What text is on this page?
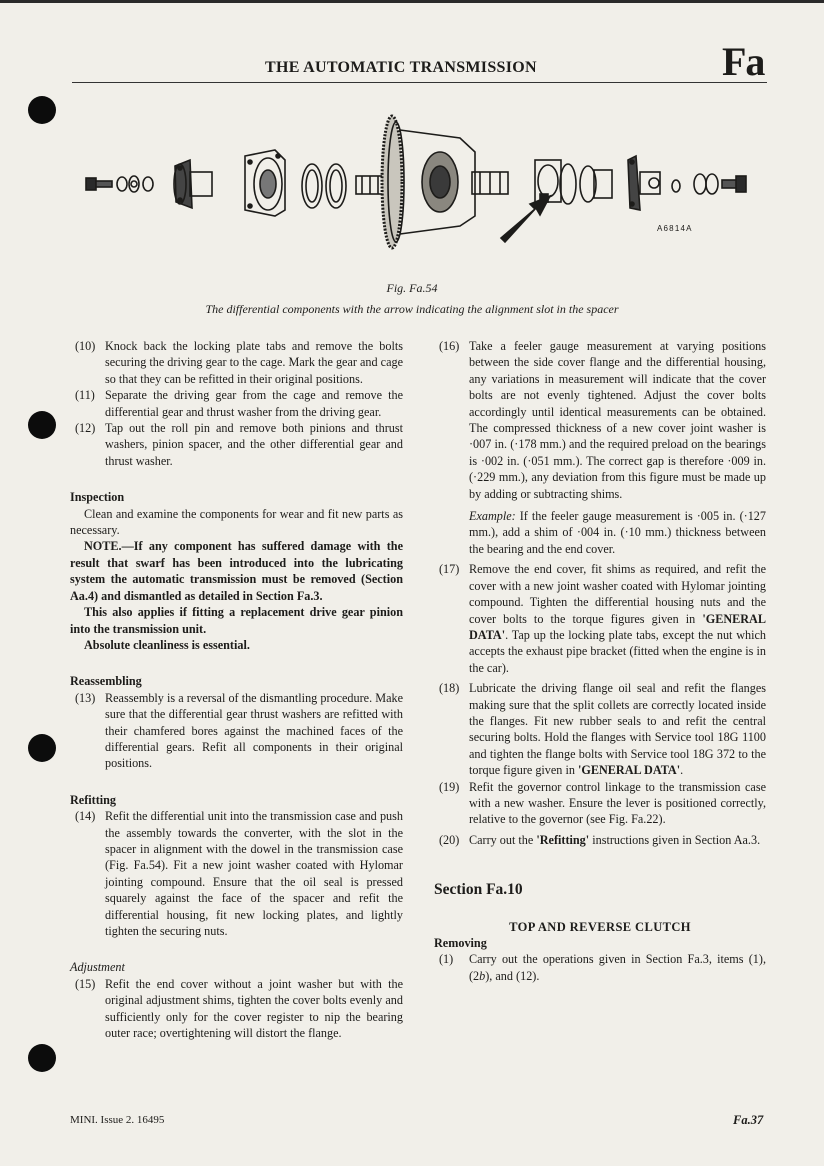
THE AUTOMATIC TRANSMISSION	Fa
A6814A
Fig. Fa.54
The differential components with the arrow indicating the alignment slot in the spacer
(10) Knock back the locking plate tabs and remove the bolts securing the driving gear to the cage. Mark the gear and cage so that they can be refitted in their original positions.
(11) Separate the driving gear from the cage and remove the differential gear and thrust washer from the driving gear.
(12) Tap out the roll pin and remove both pinions and thrust washers, pinion spacer, and the other differential gear and thrust washer.
Inspection
Clean and examine the components for wear and fit new parts as necessary.
NOTE.—If any component has suffered damage with the result that swarf has been introduced into the lubricating system the automatic transmission must be removed (Section Aa.4) and dismantled as detailed in Section Fa.3.
This also applies if fitting a replacement drive gear pinion into the transmission unit.
Absolute cleanliness is essential.
Reassembling
(13) Reassembly is a reversal of the dismantling procedure. Make sure that the differential gear thrust washers are refitted with their chamfered bores against the machined faces of the differential gears. Refit all components in their original positions.
Refitting
(14) Refit the differential unit into the transmission case and push the assembly towards the converter, with the slot in the spacer in alignment with the dowel in the transmission case (Fig. Fa.54). Fit a new joint washer coated with Hylomar jointing compound. Ensure that the oil seal is pressed squarely against the face of the spacer and refit the differential housing, fit new locking plates, and lightly tighten the securing nuts.
Adjustment
(15) Refit the end cover without a joint washer but with the original adjustment shims, tighten the cover bolts evenly and sufficiently only for the cover register to nip the bearing outer race; overtightening will distort the flange.
(16) Take a feeler gauge measurement at varying positions between the side cover flange and the differential housing, any variations in measurement will indicate that the cover bolts are not evenly tightened. Adjust the cover bolts accordingly until identical measurements can be obtained. The compressed thickness of a new cover joint washer is ·007 in. (·178 mm.) and the required preload on the bearings is ·002 in. (·051 mm.). The correct gap is therefore ·009 in. (·229 mm.), any deviation from this figure must be made up by adding or subtracting shims.
Example: If the feeler gauge measurement is ·005 in. (·127 mm.), add a shim of ·004 in. (·10 mm.) thickness between the bearing and the end cover.
(17) Remove the end cover, fit shims as required, and refit the cover with a new joint washer coated with Hylomar jointing compound. Tighten the differential housing nuts and the cover bolts to the torque figures given in 'GENERAL DATA'. Tap up the locking plate tabs, except the nut which accepts the exhaust pipe bracket (fitted when the engine is in the car).
(18) Lubricate the driving flange oil seal and refit the flanges making sure that the split collets are correctly located inside the flanges. Fit new rubber seals to and refit the central securing bolts. Hold the flanges with Service tool 18G 1100 and tighten the flange bolts with Service tool 18G 372 to the torque figure given in 'GENERAL DATA'.
(19) Refit the governor control linkage to the transmission case with a new washer. Ensure the lever is positioned correctly, relative to the governor (see Fig. Fa.22).
(20) Carry out the 'Refitting' instructions given in Section Aa.3.
Section Fa.10
TOP AND REVERSE CLUTCH
Removing
(1) Carry out the operations given in Section Fa.3, items (1), (2b), and (12).
MINI. Issue 2. 16495	Fa.37
